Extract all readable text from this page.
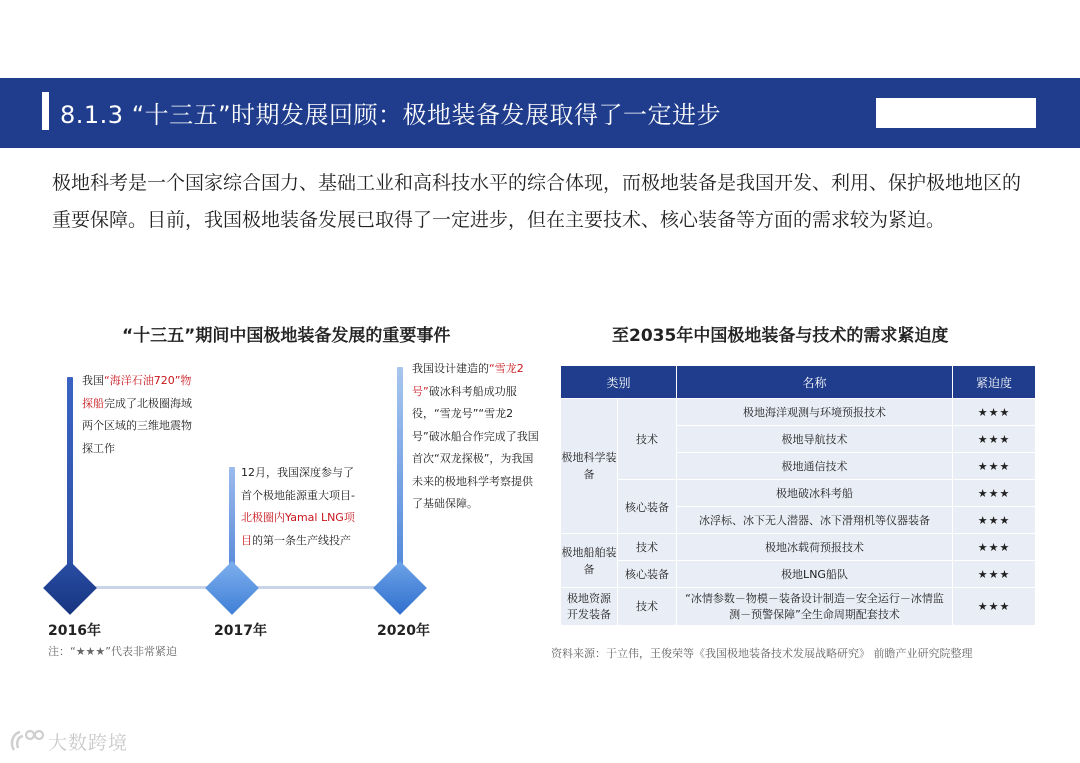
8.1.3 “十三五”时期发展回顾：极地装备发展取得了一定进步

极地科考是一个国家综合国力、基础工业和高科技水平的综合体现，而极地装备是我国开发、利用、保护极地地区的重要保障。目前，我国极地装备发展已取得了一定进步，但在主要技术、核心装备等方面的需求较为紧迫。

“十三五”期间中国极地装备发展的重要事件
2016年	2017年	2020年
我国“海洋石油720”物探船完成了北极圈海域两个区域的三维地震物探工作
12月，我国深度参与了首个极地能源重大项目-北极圈内Yamal LNG项目的第一条生产线投产
我国设计建造的“雪龙2号”破冰科考船成功服役，“雪龙号”“雪龙2号”破冰船合作完成了我国首次“双龙探极”，为我国未来的极地科学考察提供了基础保障。
注：“★★★”代表非常紧迫
至2035年中国极地装备与技术的需求紧迫度
类别		名称	紧迫度
极地科学装备	技术	极地海洋观测与环境预报技术	★★★
		极地导航技术	★★★
		极地通信技术	★★★
	核心装备	极地破冰科考船	★★★
		冰浮标、冰下无人潜器、冰下滑翔机等仪器装备	★★★
极地船舶装备	技术	极地冰载荷预报技术	★★★
	核心装备	极地LNG船队	★★★
极地资源开发装备	技术	“冰情参数－物模－装备设计制造－安全运行－冰情监测－预警保障”全生命周期配套技术	★★★
资料来源：于立伟，王俊荣等《我国极地装备技术发展战略研究》 前瞻产业研究院整理
大数跨境
